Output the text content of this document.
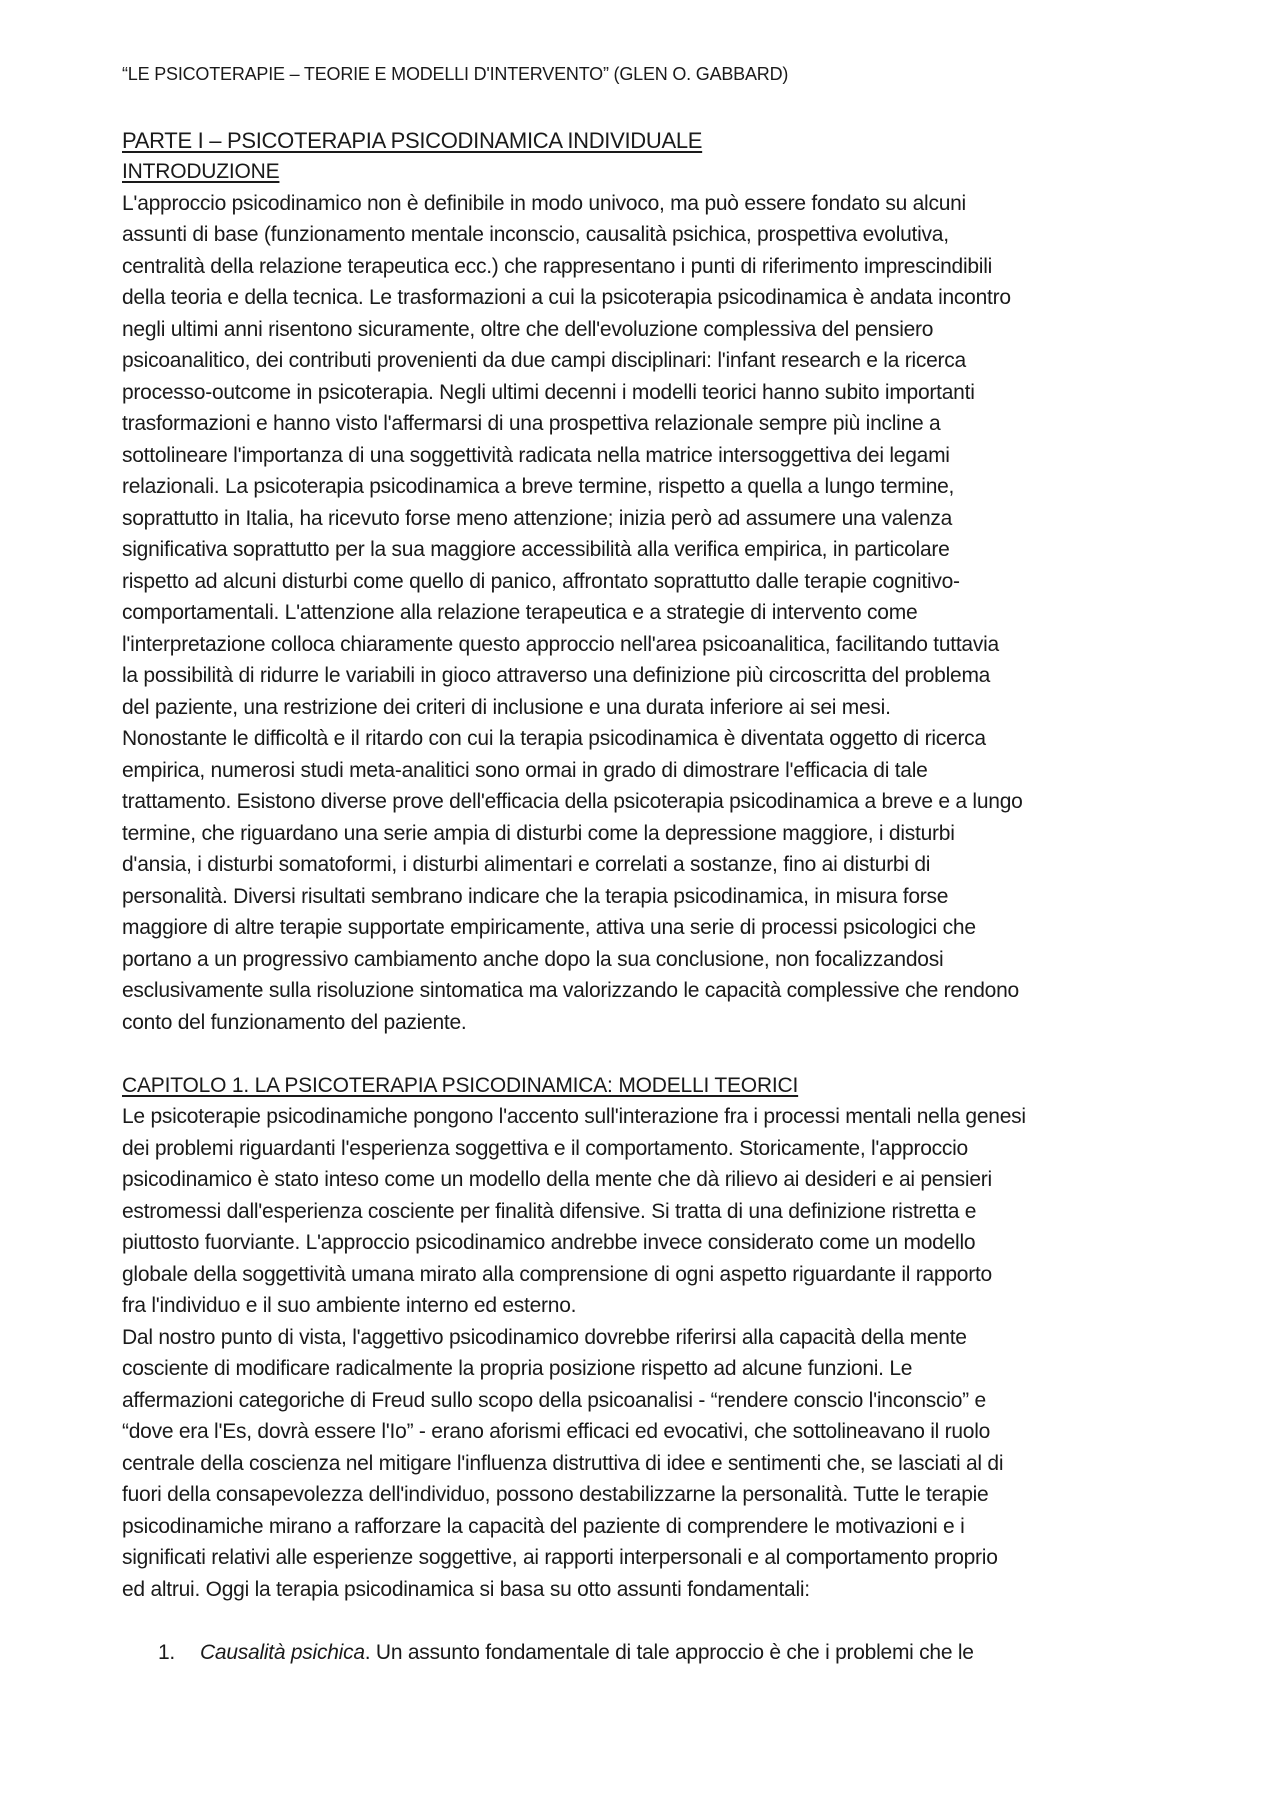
“LE PSICOTERAPIE – TEORIE E MODELLI D'INTERVENTO” (GLEN O. GABBARD)
PARTE I – PSICOTERAPIA PSICODINAMICA INDIVIDUALE
INTRODUZIONE

L'approccio psicodinamico non è definibile in modo univoco, ma può essere fondato su alcuni
assunti di base (funzionamento mentale inconscio, causalità psichica, prospettiva evolutiva,
centralità della relazione terapeutica ecc.) che rappresentano i punti di riferimento imprescindibili
della teoria e della tecnica. Le trasformazioni a cui la psicoterapia psicodinamica è andata incontro
negli ultimi anni risentono sicuramente, oltre che dell'evoluzione complessiva del pensiero
psicoanalitico, dei contributi provenienti da due campi disciplinari: l'infant research e la ricerca
processo-outcome in psicoterapia. Negli ultimi decenni i modelli teorici hanno subito importanti
trasformazioni e hanno visto l'affermarsi di una prospettiva relazionale sempre più incline a
sottolineare l'importanza di una soggettività radicata nella matrice intersoggettiva dei legami
relazionali. La psicoterapia psicodinamica a breve termine, rispetto a quella a lungo termine,
soprattutto in Italia, ha ricevuto forse meno attenzione; inizia però ad assumere una valenza
significativa soprattutto per la sua maggiore accessibilità alla verifica empirica, in particolare
rispetto ad alcuni disturbi come quello di panico, affrontato soprattutto dalle terapie cognitivo-
comportamentali. L'attenzione alla relazione terapeutica e a strategie di intervento come
l'interpretazione colloca chiaramente questo approccio nell'area psicoanalitica, facilitando tuttavia
la possibilità di ridurre le variabili in gioco attraverso una definizione più circoscritta del problema
del paziente, una restrizione dei criteri di inclusione e una durata inferiore ai sei mesi.

Nonostante le difficoltà e il ritardo con cui la terapia psicodinamica è diventata oggetto di ricerca
empirica, numerosi studi meta-analitici sono ormai in grado di dimostrare l'efficacia di tale
trattamento. Esistono diverse prove dell'efficacia della psicoterapia psicodinamica a breve e a lungo
termine, che riguardano una serie ampia di disturbi come la depressione maggiore, i disturbi
d'ansia, i disturbi somatoformi, i disturbi alimentari e correlati a sostanze, fino ai disturbi di
personalità. Diversi risultati sembrano indicare che la terapia psicodinamica, in misura forse
maggiore di altre terapie supportate empiricamente, attiva una serie di processi psicologici che
portano a un progressivo cambiamento anche dopo la sua conclusione, non focalizzandosi
esclusivamente sulla risoluzione sintomatica ma valorizzando le capacità complessive che rendono
conto del funzionamento del paziente.

CAPITOLO 1. LA PSICOTERAPIA PSICODINAMICA: MODELLI TEORICI

Le psicoterapie psicodinamiche pongono l'accento sull'interazione fra i processi mentali nella genesi
dei problemi riguardanti l'esperienza soggettiva e il comportamento. Storicamente, l'approccio
psicodinamico è stato inteso come un modello della mente che dà rilievo ai desideri e ai pensieri
estromessi dall'esperienza cosciente per finalità difensive. Si tratta di una definizione ristretta e
piuttosto fuorviante. L'approccio psicodinamico andrebbe invece considerato come un modello
globale della soggettività umana mirato alla comprensione di ogni aspetto riguardante il rapporto
fra l'individuo e il suo ambiente interno ed esterno.

Dal nostro punto di vista, l'aggettivo psicodinamico dovrebbe riferirsi alla capacità della mente
cosciente di modificare radicalmente la propria posizione rispetto ad alcune funzioni. Le
affermazioni categoriche di Freud sullo scopo della psicoanalisi - “rendere conscio l'inconscio” e
“dove era l'Es, dovrà essere l'Io” - erano aforismi efficaci ed evocativi, che sottolineavano il ruolo
centrale della coscienza nel mitigare l'influenza distruttiva di idee e sentimenti che, se lasciati al di
fuori della consapevolezza dell'individuo, possono destabilizzarne la personalità. Tutte le terapie
psicodinamiche mirano a rafforzare la capacità del paziente di comprendere le motivazioni e i
significati relativi alle esperienze soggettive, ai rapporti interpersonali e al comportamento proprio
ed altrui. Oggi la terapia psicodinamica si basa su otto assunti fondamentali:

1. Causalità psichica. Un assunto fondamentale di tale approccio è che i problemi che le
